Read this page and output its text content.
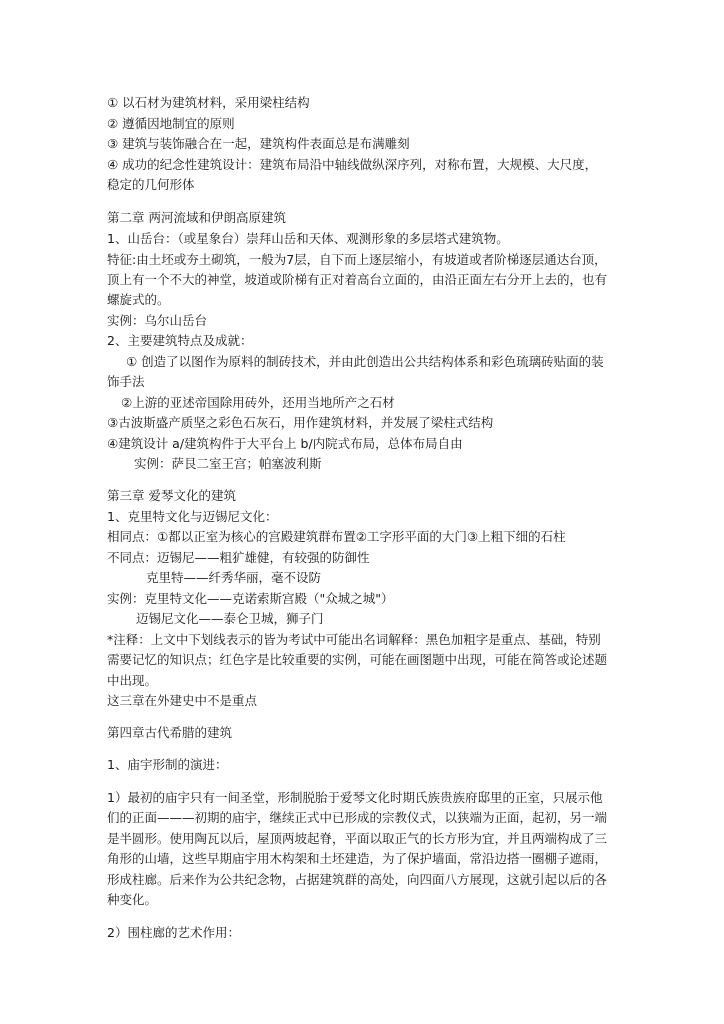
① 以石材为建筑材料，采用梁柱结构
② 遵循因地制宜的原则
③ 建筑与装饰融合在一起，建筑构件表面总是布满雕刻
④ 成功的纪念性建筑设计：建筑布局沿中轴线做纵深序列，对称布置，大规模、大尺度，
稳定的几何形体
第二章 两河流域和伊朗高原建筑
1、山岳台：（或星象台）崇拜山岳和天体、观测形象的多层塔式建筑物。
特征:由土坯或夯土砌筑，一般为7层，自下而上逐层缩小，有坡道或者阶梯逐层通达台顶，
顶上有一个不大的神堂，坡道或阶梯有正对着高台立面的，由沿正面左右分开上去的，也有
螺旋式的。
实例：乌尔山岳台
2、主要建筑特点及成就：
① 创造了以图作为原料的制砖技术，并由此创造出公共结构体系和彩色琉璃砖贴面的装
饰手法
②上游的亚述帝国除用砖外，还用当地所产之石材
③古波斯盛产质坚之彩色石灰石，用作建筑材料，并发展了梁柱式结构
④建筑设计 a/建筑构件于大平台上 b/内院式布局，总体布局自由
实例：萨艮二室王宫；帕塞波利斯
第三章 爱琴文化的建筑
1、克里特文化与迈锡尼文化：
相同点：①都以正室为核心的宫殿建筑群布置②工字形平面的大门③上粗下细的石柱
不同点：迈锡尼——粗犷雄健，有较强的防御性
克里特——纤秀华丽，毫不设防
实例：克里特文化——克诺索斯宫殿（"众城之城"）
迈锡尼文化——泰仑卫城，狮子门
*注释：上文中下划线表示的皆为考试中可能出名词解释：黑色加粗字是重点、基础，特别
需要记忆的知识点；红色字是比较重要的实例，可能在画图题中出现，可能在简答或论述题
中出现。
这三章在外建史中不是重点
第四章古代希腊的建筑
1、庙宇形制的演进：
1）最初的庙宇只有一间圣堂，形制脱胎于爱琴文化时期氏族贵族府邸里的正室，只展示他
们的正面———初期的庙宇，继续正式中已形成的宗教仪式，以狭端为正面，起初，另一端
是半圆形。使用陶瓦以后，屋顶两坡起脊，平面以取正气的长方形为宜，并且两端构成了三
角形的山墙，这些早期庙宇用木构架和土坯建造，为了保护墙面，常沿边搭一圈棚子遮雨，
形成柱廊。后来作为公共纪念物，占据建筑群的高处，向四面八方展现，这就引起以后的各
种变化。
2）围柱廊的艺术作用：
